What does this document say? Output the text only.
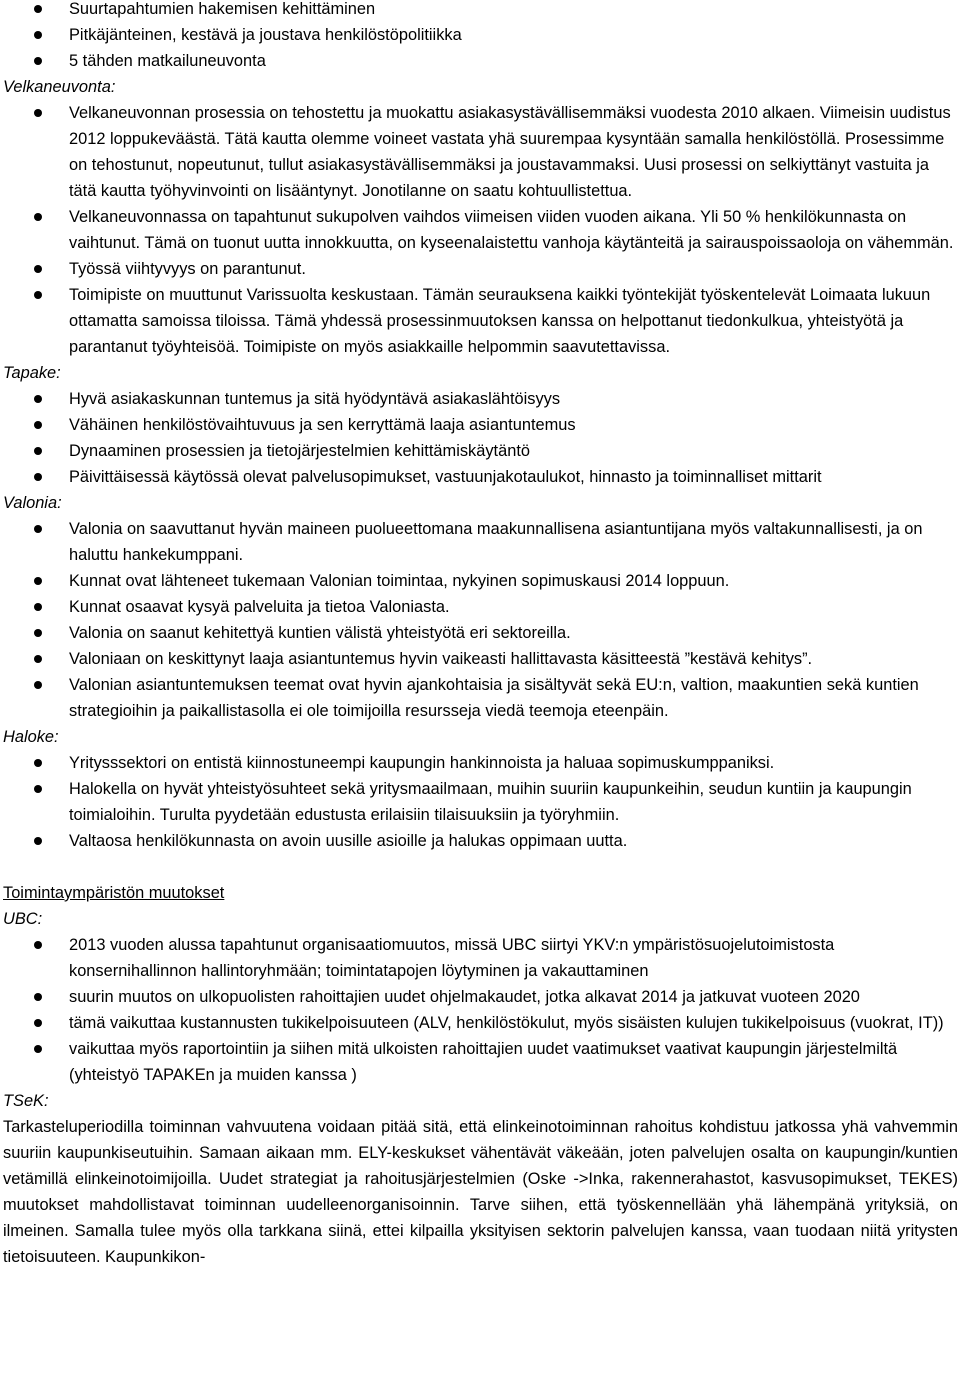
Suurtapahtumien hakemisen kehittäminen
Pitkäjänteinen, kestävä ja joustava henkilöstöpolitiikka
5 tähden matkailuneuvonta

Velkaneuvonta:

Velkaneuvonnan prosessia on tehostettu ja muokattu asiakasystävällisemmäksi vuodesta 2010 alkaen. Viimeisin uudistus 2012 loppukeväästä. Tätä kautta olemme voineet vastata yhä suurempaa kysyntään samalla henkilöstöllä. Prosessimme on tehostunut, nopeutunut, tullut asiakasystävällisemmäksi ja joustavammaksi. Uusi prosessi on selkiyttänyt vastuita ja tätä kautta työhyvinvointi on lisääntynyt. Jonotilanne on saatu kohtuullistettua.
Velkaneuvonnassa on tapahtunut sukupolven vaihdos viimeisen viiden vuoden aikana. Yli 50 % henkilökunnasta on vaihtunut. Tämä on tuonut uutta innokkuutta, on kyseenalaistettu vanhoja käytänteitä ja sairauspoissaoloja on vähemmän.
Työssä viihtyvyys on parantunut.
Toimipiste on muuttunut Varissuolta keskustaan. Tämän seurauksena kaikki työntekijät työskentelevät Loimaata lukuun ottamatta samoissa tiloissa. Tämä yhdessä prosessinmuutoksen kanssa on helpottanut tiedonkulkua, yhteistyötä ja parantanut työyhteisöä. Toimipiste on myös asiakkaille helpommin saavutettavissa.

Tapake:

Hyvä asiakaskunnan tuntemus ja sitä hyödyntävä asiakaslähtöisyys
Vähäinen henkilöstövaihtuvuus ja sen kerryttämä laaja asiantuntemus
Dynaaminen prosessien ja tietojärjestelmien kehittämiskäytäntö
Päivittäisessä käytössä olevat palvelusopimukset, vastuunjakotaulukot, hinnasto ja toiminnalliset mittarit

Valonia:

Valonia on saavuttanut hyvän maineen puolueettomana maakunnallisena asiantuntijana myös valtakunnallisesti, ja on haluttu hankekumppani.
Kunnat ovat lähteneet tukemaan Valonian toimintaa, nykyinen sopimuskausi 2014 loppuun.
Kunnat osaavat kysyä palveluita ja tietoa Valoniasta.
Valonia on saanut kehitettyä kuntien välistä yhteistyötä eri sektoreilla.
Valoniaan on keskittynyt laaja asiantuntemus hyvin vaikeasti hallittavasta käsitteestä ”kestävä kehitys”.
Valonian asiantuntemuksen teemat ovat hyvin ajankohtaisia ja sisältyvät sekä EU:n, valtion, maakuntien sekä kuntien strategioihin ja paikallistasolla ei ole toimijoilla resursseja viedä teemoja eteenpäin.

Haloke:

Yritysssektori on entistä kiinnostuneempi kaupungin hankinnoista ja haluaa sopimuskumppaniksi.
Halokella on hyvät yhteistyösuhteet sekä yritysmaailmaan, muihin suuriin kaupunkeihin, seudun kuntiin ja kaupungin toimialoihin. Turulta pyydetään edustusta erilaisiin tilaisuuksiin ja työryhmiin.
Valtaosa henkilökunnasta on avoin uusille asioille ja halukas oppimaan uutta.

Toimintaympäristön muutokset

UBC:

2013 vuoden alussa tapahtunut organisaatiomuutos, missä UBC siirtyi YKV:n ympäristösuojelutoimistosta konsernihallinnon hallintoryhmään; toimintatapojen löytyminen ja vakauttaminen
suurin muutos on ulkopuolisten rahoittajien uudet ohjelmakaudet, jotka alkavat 2014 ja jatkuvat vuoteen 2020
tämä vaikuttaa kustannusten tukikelpoisuuteen (ALV, henkilöstökulut, myös sisäisten kulujen tukikelpoisuus (vuokrat, IT))
vaikuttaa myös raportointiin ja siihen mitä ulkoisten rahoittajien uudet vaatimukset vaativat kaupungin järjestelmiltä (yhteistyö TAPAKEn ja muiden kanssa )

TSeK:

Tarkasteluperiodilla toiminnan vahvuutena voidaan pitää sitä, että elinkeinotoiminnan rahoitus kohdistuu jatkossa yhä vahvemmin suuriin kaupunkiseutuihin. Samaan aikaan mm. ELY-keskukset vähentävät väkeään, joten palvelujen osalta on kaupungin/kuntien vetämillä elinkeinotoimijoilla. Uudet strategiat ja rahoitusjärjestelmien (Oske ->Inka, rakennerahastot, kasvusopimukset, TEKES) muutokset mahdollistavat toiminnan uudelleenorganisoinnin. Tarve siihen, että työskennellään yhä lähempänä yrityksiä, on ilmeinen. Samalla tulee myös olla tarkkana siinä, ettei kilpailla yksityisen sektorin palvelujen kanssa, vaan tuodaan niitä yritysten tietoisuuteen. Kaupunkikon-
